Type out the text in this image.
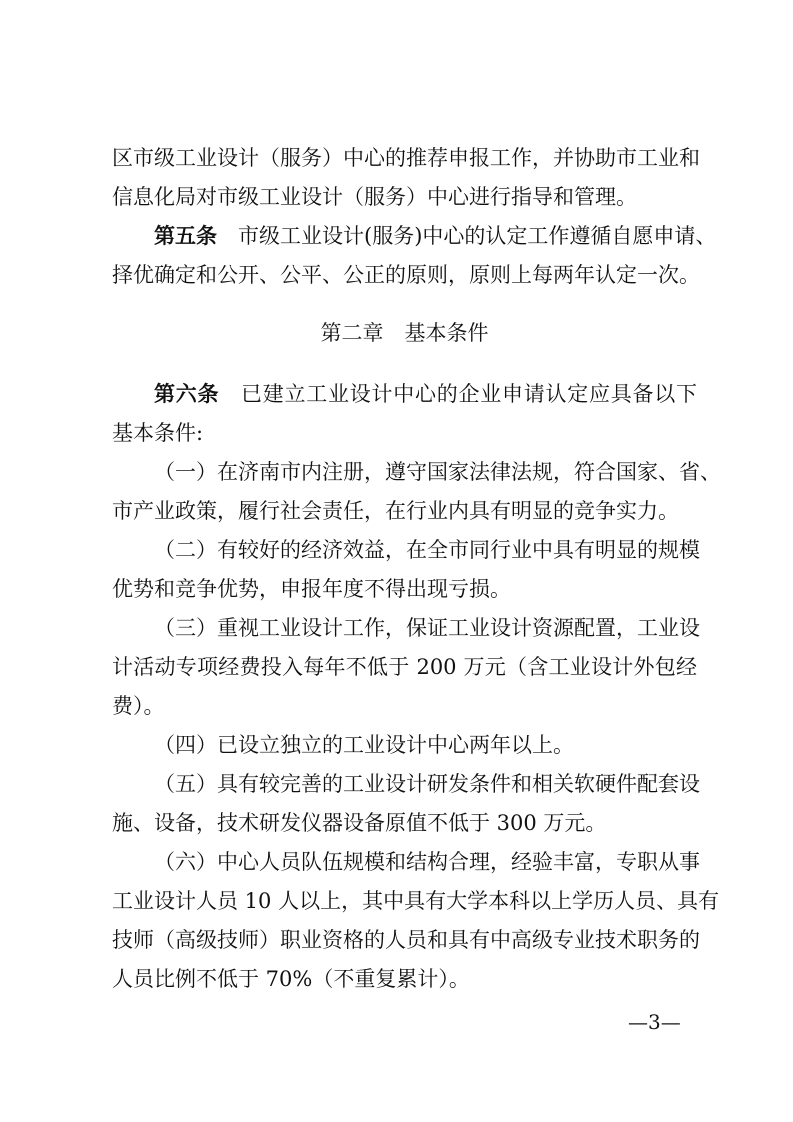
区市级工业设计（服务）中心的推荐申报工作，并协助市工业和
信息化局对市级工业设计（服务）中心进行指导和管理。
第五条 市级工业设计(服务)中心的认定工作遵循自愿申请、
择优确定和公开、公平、公正的原则，原则上每两年认定一次。
第二章 基本条件
第六条 已建立工业设计中心的企业申请认定应具备以下
基本条件:
（一）在济南市内注册，遵守国家法律法规，符合国家、省、
市产业政策，履行社会责任，在行业内具有明显的竞争实力。
（二）有较好的经济效益，在全市同行业中具有明显的规模
优势和竞争优势，申报年度不得出现亏损。
（三）重视工业设计工作，保证工业设计资源配置，工业设
计活动专项经费投入每年不低于 200 万元（含工业设计外包经
费）。
（四）已设立独立的工业设计中心两年以上。
（五）具有较完善的工业设计研发条件和相关软硬件配套设
施、设备，技术研发仪器设备原值不低于 300 万元。
（六）中心人员队伍规模和结构合理，经验丰富，专职从事
工业设计人员 10 人以上，其中具有大学本科以上学历人员、具有
技师（高级技师）职业资格的人员和具有中高级专业技术职务的
人员比例不低于 70%（不重复累计）。
—3—
